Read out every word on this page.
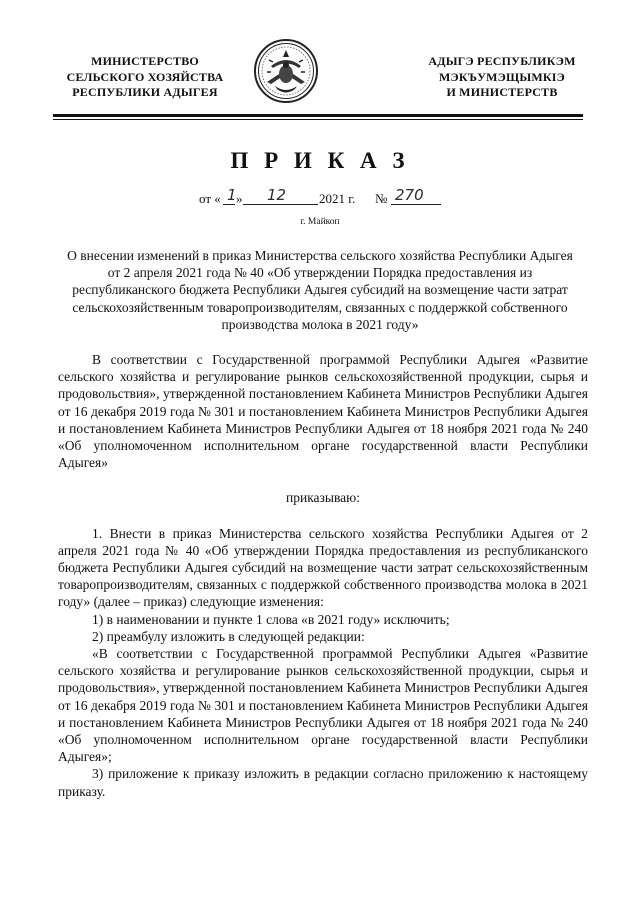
МИНИСТЕРСТВО
СЕЛЬСКОГО ХОЗЯЙСТВА
РЕСПУБЛИКИ АДЫГЕЯ
АДЫГЭ РЕСПУБЛИКЭМ
МЭКЪУМЭЩЫМКIЭ
И МИНИСТЕРСТВ
П Р И К А З
от « 1 » 12	2021 г. № 270
г. Майкоп
О внесении изменений в приказ Министерства сельского хозяйства Республики Адыгея от 2 апреля 2021 года № 40 «Об утверждении Порядка предоставления из республиканского бюджета Республики Адыгея субсидий на возмещение части затрат сельскохозяйственным товаропроизводителям, связанных с поддержкой собственного производства молока в 2021 году»

В соответствии с Государственной программой Республики Адыгея «Развитие сельского хозяйства и регулирование рынков сельскохозяйственной продукции, сырья и продовольствия», утвержденной постановлением Кабинета Министров Республики Адыгея от 16 декабря 2019 года № 301 и постановлением Кабинета Министров Республики Адыгея и постановлением Кабинета Министров Республики Адыгея от 18 ноября 2021 года № 240 «Об уполномоченном исполнительном органе государственной власти Республики Адыгея»

приказываю:

1. Внести в приказ Министерства сельского хозяйства Республики Адыгея от 2 апреля 2021 года № 40 «Об утверждении Порядка предоставления из республиканского бюджета Республики Адыгея субсидий на возмещение части затрат сельскохозяйственным товаропроизводителям, связанных с поддержкой собственного производства молока в 2021 году» (далее – приказ) следующие изменения:

1) в наименовании и пункте 1 слова «в 2021 году» исключить;

2) преамбулу изложить в следующей редакции:

«В соответствии с Государственной программой Республики Адыгея «Развитие сельского хозяйства и регулирование рынков сельскохозяйственной продукции, сырья и продовольствия», утвержденной постановлением Кабинета Министров Республики Адыгея от 16 декабря 2019 года № 301 и постановлением Кабинета Министров Республики Адыгея и постановлением Кабинета Министров Республики Адыгея от 18 ноября 2021 года № 240 «Об уполномоченном исполнительном органе государственной власти Республики Адыгея»;

3) приложение к приказу изложить в редакции согласно приложению к настоящему приказу.
